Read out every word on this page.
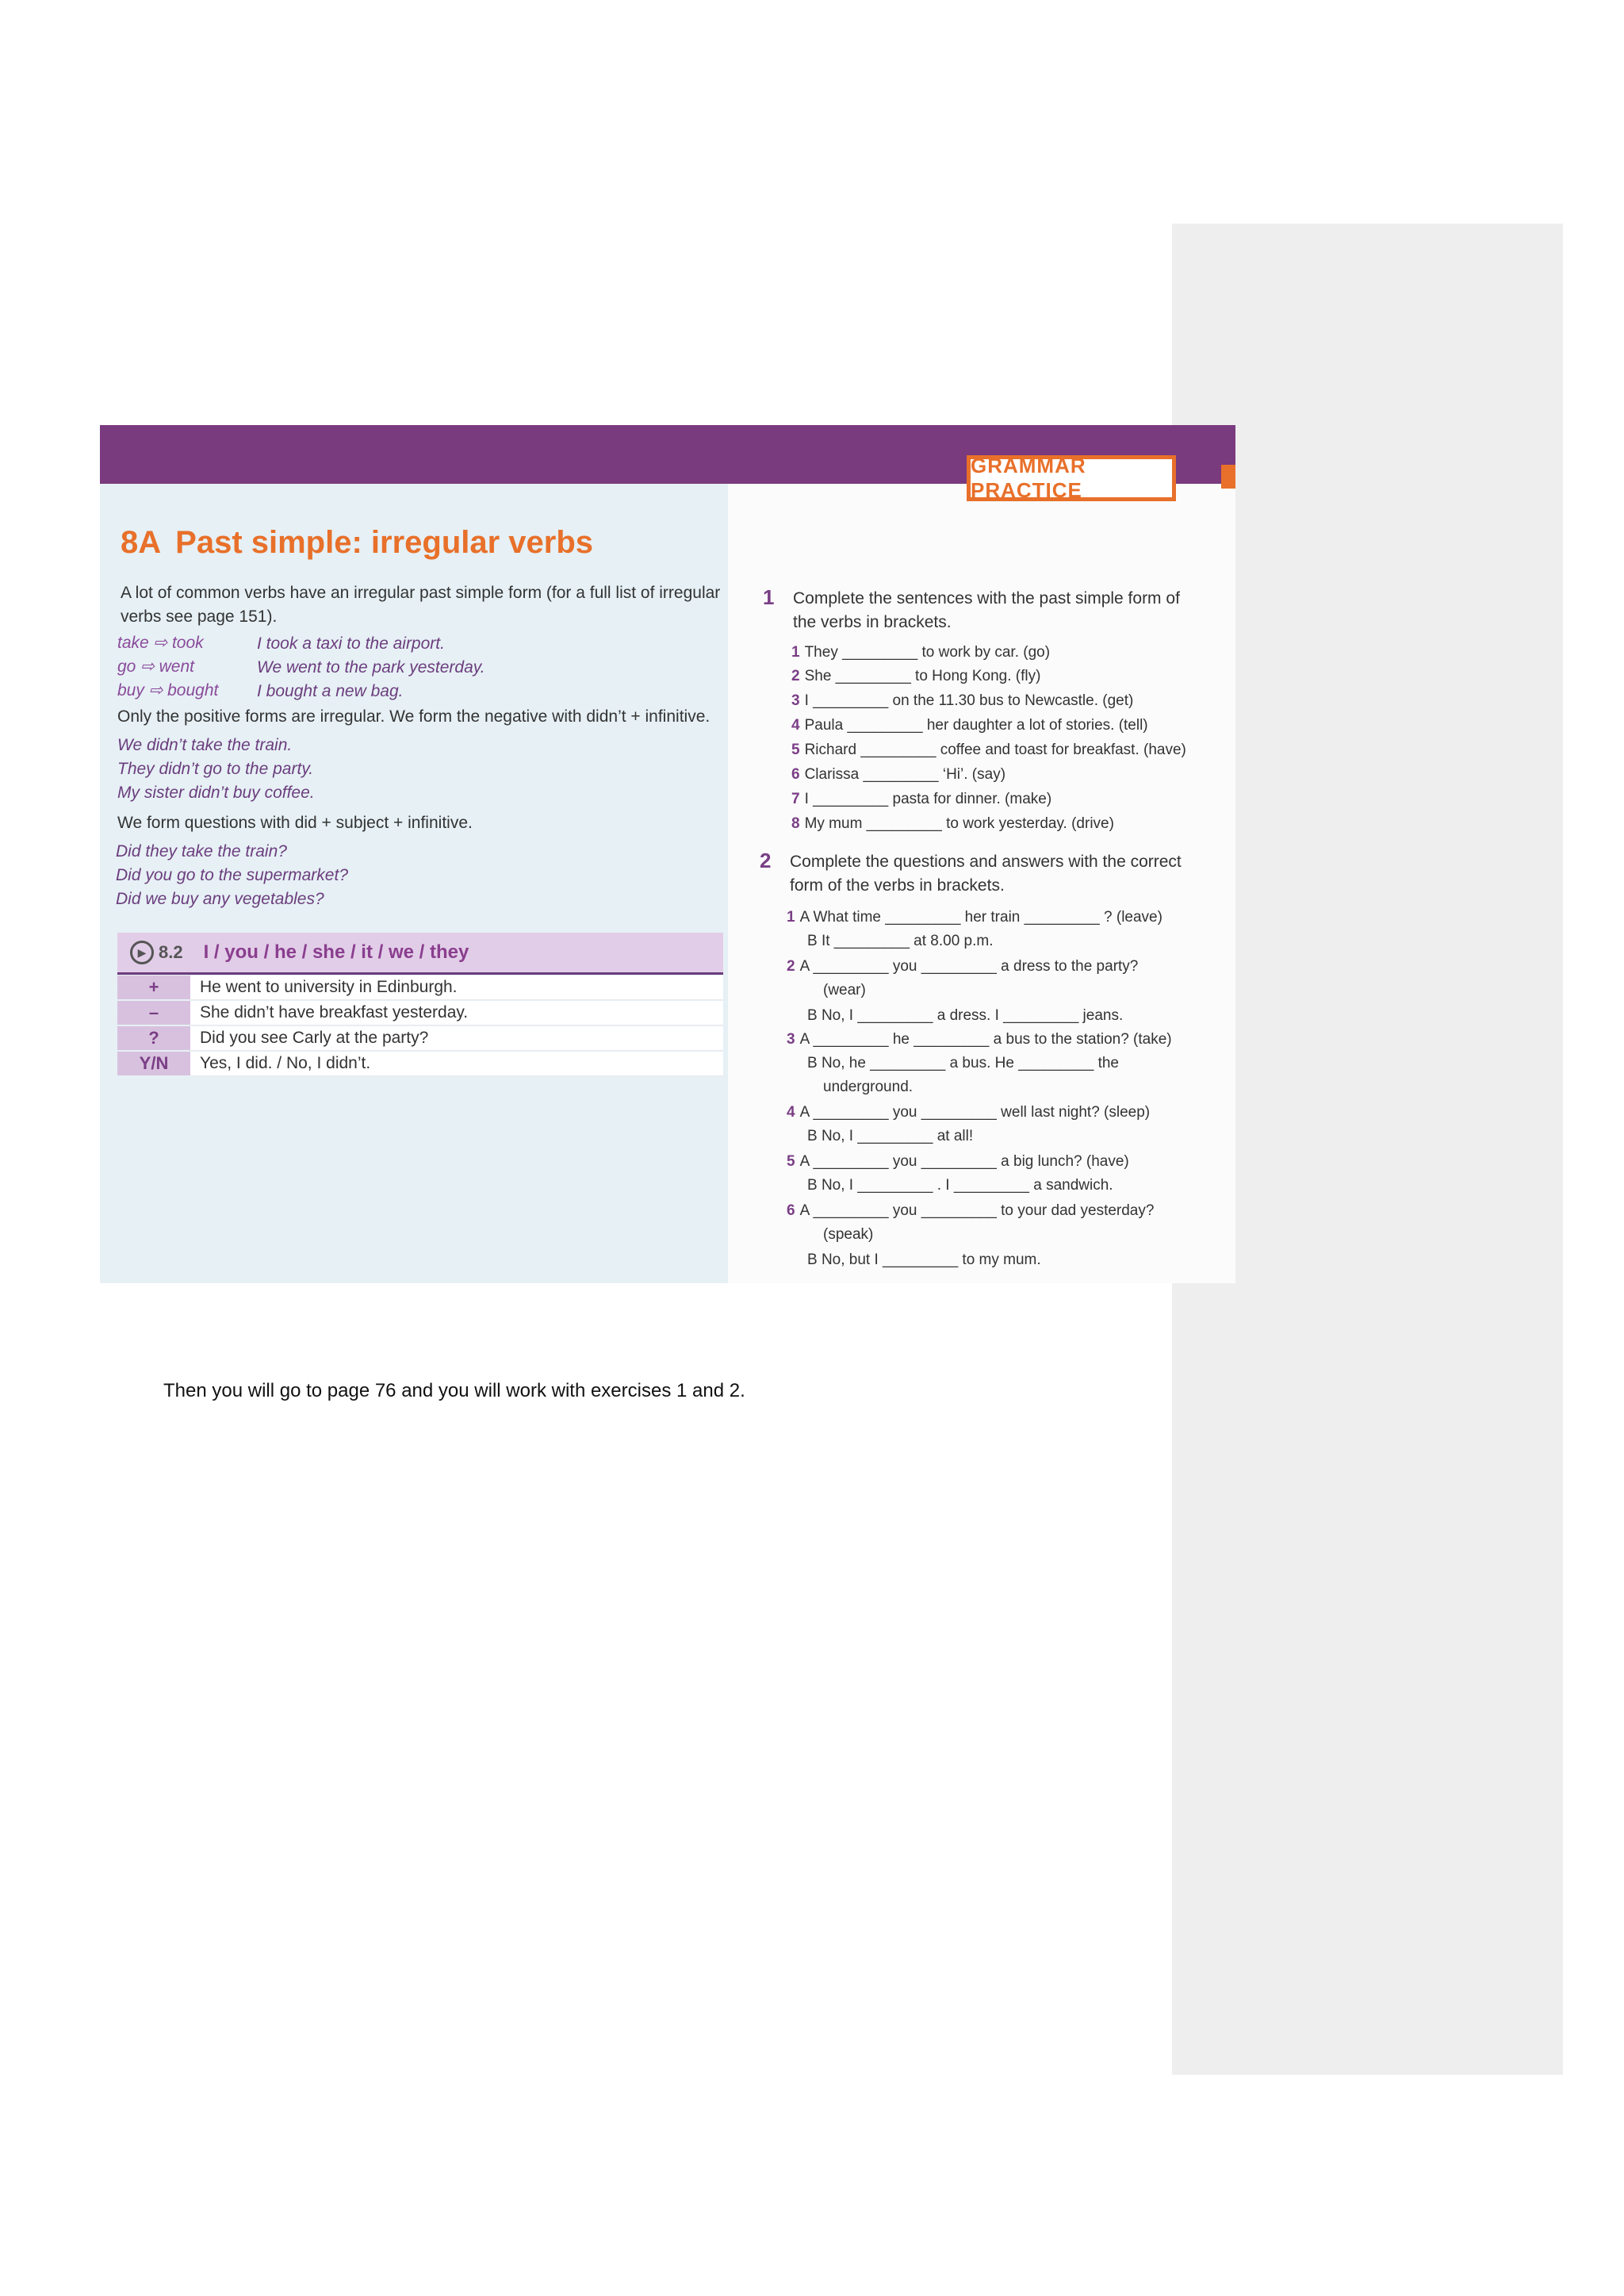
GRAMMAR PRACTICE
8A Past simple: irregular verbs
A lot of common verbs have an irregular past simple form (for a full list of irregular
verbs see page 151).
take ⇨ took	I took a taxi to the airport.
go ⇨ went	We went to the park yesterday.
buy ⇨ bought I bought a new bag.
Only the positive forms are irregular. We form the negative with didn’t + infinitive.
We didn’t take the train.
They didn’t go to the party.
My sister didn’t buy coffee.
We form questions with did + subject + infinitive.
Did they take the train?
Did you go to the supermarket?
Did we buy any vegetables?
▶ 8.2 I / you / he / she / it / we / they
+	He went to university in Edinburgh.
–	She didn’t have breakfast yesterday.
?	Did you see Carly at the party?
Y/N	Yes, I did. / No, I didn’t.
1 Complete the sentences with the past simple form of
the verbs in brackets.
1 They _________ to work by car. (go)
2 She _________ to Hong Kong. (fly)
3 I _________ on the 11.30 bus to Newcastle. (get)
4 Paula _________ her daughter a lot of stories. (tell)
5 Richard _________ coffee and toast for breakfast. (have)
6 Clarissa _________ ‘Hi’. (say)
7 I _________ pasta for dinner. (make)
8 My mum _________ to work yesterday. (drive)
2 Complete the questions and answers with the correct
form of the verbs in brackets.
1 A What time _________ her train _________ ? (leave)
B It _________ at 8.00 p.m.
2 A _________ you _________ a dress to the party?
(wear)
B No, I _________ a dress. I _________ jeans.
3 A _________ he _________ a bus to the station? (take)
B No, he _________ a bus. He _________ the
underground.
4 A _________ you _________ well last night? (sleep)
B No, I _________ at all!
5 A _________ you _________ a big lunch? (have)
B No, I _________ . I _________ a sandwich.
6 A _________ you _________ to your dad yesterday?
(speak)
B No, but I _________ to my mum.
Then you will go to page 76 and you will work with exercises 1 and 2.
